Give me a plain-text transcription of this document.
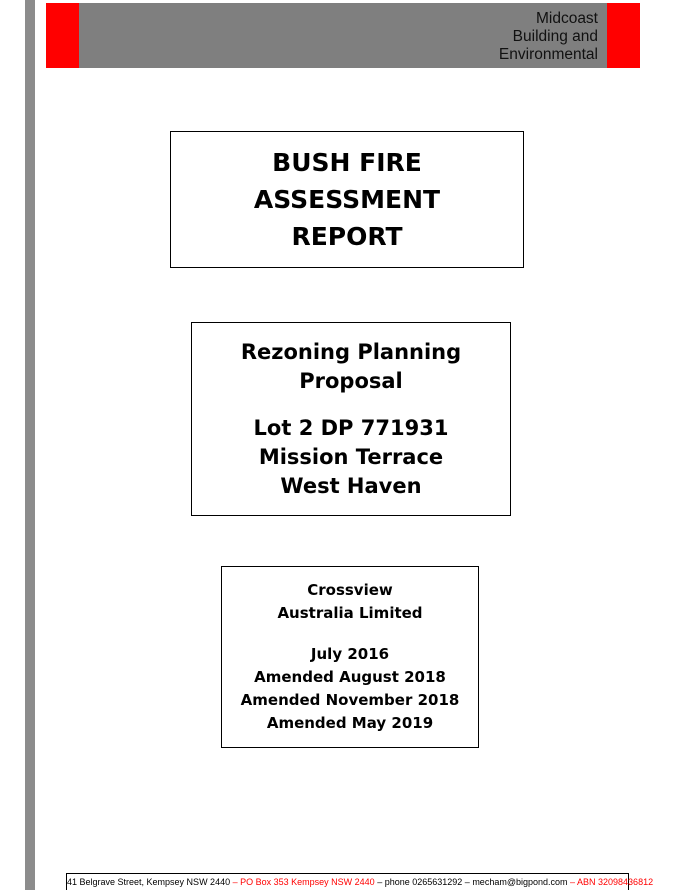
Midcoast
Building and
Environmental
BUSH FIRE
ASSESSMENT
REPORT
Rezoning Planning
Proposal
Lot 2 DP 771931
Mission Terrace
West Haven
Crossview
Australia Limited
July 2016
Amended August 2018
Amended November 2018
Amended May 2019
41 Belgrave Street, Kempsey NSW 2440 – PO Box 353 Kempsey NSW 2440 – phone 0265631292 – mecham@bigpond.com – ABN 32098436812
